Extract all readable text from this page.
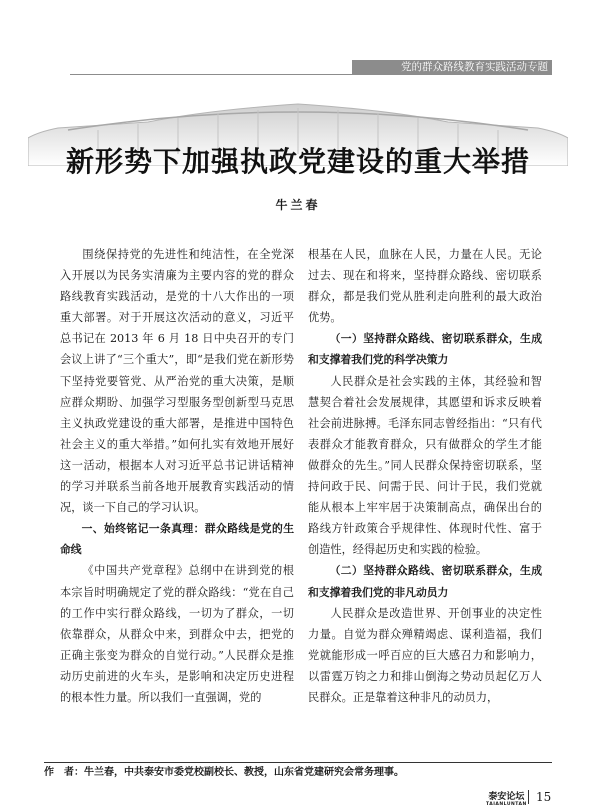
党的群众路线教育实践活动专题
新形势下加强执政党建设的重大举措

牛兰春

围绕保持党的先进性和纯洁性，在全党深入开展以为民务实清廉为主要内容的党的群众路线教育实践活动，是党的十八大作出的一项重大部署。对于开展这次活动的意义，习近平总书记在 2013 年 6 月 18 日中央召开的专门会议上讲了“三个重大”，即“是我们党在新形势下坚持党要管党、从严治党的重大决策，是顺应群众期盼、加强学习型服务型创新型马克思主义执政党建设的重大部署，是推进中国特色社会主义的重大举措。”如何扎实有效地开展好这一活动，根据本人对习近平总书记讲话精神的学习并联系当前各地开展教育实践活动的情况，谈一下自己的学习认识。

一、始终铭记一条真理：群众路线是党的生命线

《中国共产党章程》总纲中在讲到党的根本宗旨时明确规定了党的群众路线：“党在自己的工作中实行群众路线，一切为了群众，一切依靠群众，从群众中来，到群众中去，把党的正确主张变为群众的自觉行动。”人民群众是推动历史前进的火车头，是影响和决定历史进程的根本性力量。所以我们一直强调，党的

根基在人民，血脉在人民，力量在人民。无论过去、现在和将来，坚持群众路线、密切联系群众，都是我们党从胜利走向胜利的最大政治优势。

（一）坚持群众路线、密切联系群众，生成和支撑着我们党的科学决策力

人民群众是社会实践的主体，其经验和智慧契合着社会发展规律，其愿望和诉求反映着社会前进脉搏。毛泽东同志曾经指出：“只有代表群众才能教育群众，只有做群众的学生才能做群众的先生。”同人民群众保持密切联系，坚持问政于民、问需于民、问计于民，我们党就能从根本上牢牢居于决策制高点，确保出台的路线方针政策合乎规律性、体现时代性、富于创造性，经得起历史和实践的检验。

（二）坚持群众路线、密切联系群众，生成和支撑着我们党的非凡动员力

人民群众是改造世界、开创事业的决定性力量。自觉为群众殚精竭虑、谋利造福，我们党就能形成一呼百应的巨大感召力和影响力，以雷霆万钧之力和排山倒海之势动员起亿万人民群众。正是靠着这种非凡的动员力，

作　者：牛兰春，中共泰安市委党校副校长、教授，山东省党建研究会常务理事。
泰安论坛
TAIANLUNTAN
15
